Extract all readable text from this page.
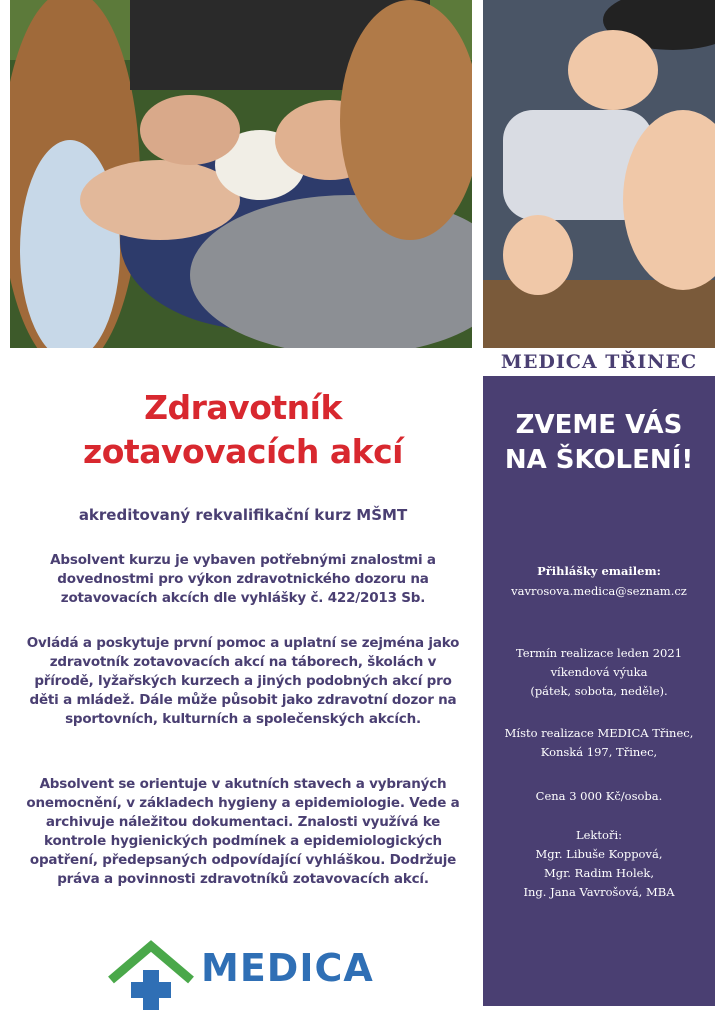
MEDICA TŘINEC
Zdravotník
zotavovacích akcí
akreditovaný rekvalifikační kurz MŠMT
Absolvent kurzu je vybaven potřebnými znalostmi a dovednostmi pro výkon zdravotnického dozoru na zotavovacích akcích dle vyhlášky č. 422/2013 Sb.
Ovládá a poskytuje první pomoc a uplatní se zejména jako zdravotník zotavovacích akcí na táborech, školách v přírodě, lyžařských kurzech a jiných podobných akcí pro děti a mládež. Dále může působit jako zdravotní dozor na sportovních, kulturních a společenských akcích.
Absolvent se orientuje v akutních stavech a vybraných onemocnění, v základech hygieny a epidemiologie. Vede a archivuje náležitou dokumentaci. Znalosti využívá ke kontrole hygienických podmínek a epidemiologických opatření, předepsaných odpovídající vyhláškou. Dodržuje práva a povinnosti zdravotníků zotavovacích akcí.
ZVEME VÁS
NA ŠKOLENÍ!
Přihlášky emailem:
vavrosova.medica@seznam.cz
Termín realizace leden 2021
víkendová výuka
(pátek, sobota, neděle).
Místo realizace MEDICA Třinec,
Konská 197, Třinec,
Cena 3 000 Kč/osoba.
Lektoři:
Mgr. Libuše Koppová,
Mgr. Radim Holek,
Ing. Jana Vavrošová, MBA
MEDICA
